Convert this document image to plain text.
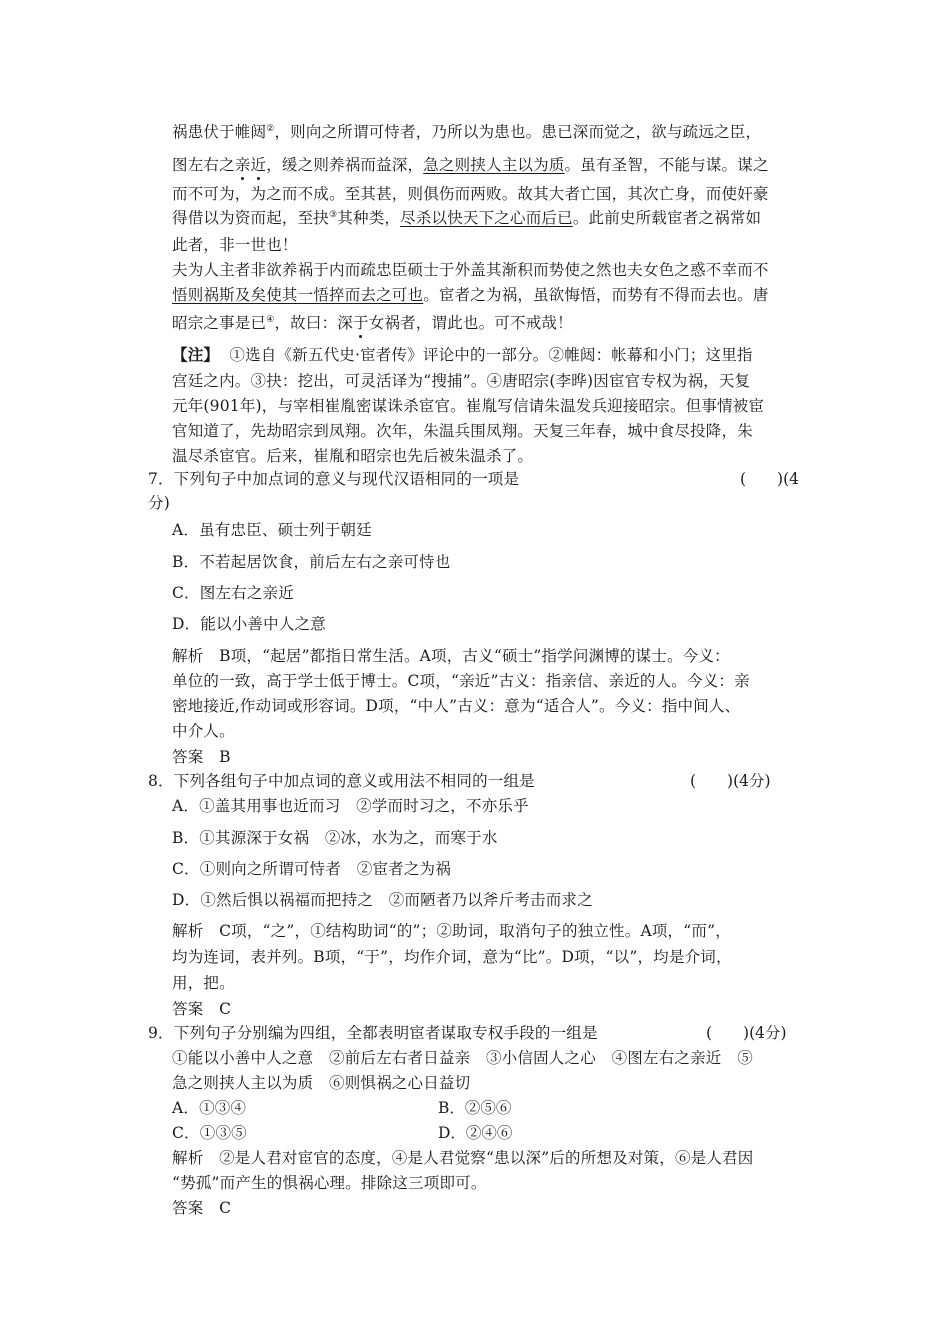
祸患伏于帷闼②，则向之所谓可恃者，乃所以为患也。患已深而觉之，欲与疏远之臣，
图左右之亲近，缓之则养祸而益深，急之则挟人主以为质。虽有圣智，不能与谋。谋之
而不可为，为之而不成。至其甚，则俱伤而两败。故其大者亡国，其次亡身，而使奸豪
得借以为资而起，至抉③其种类，尽杀以快天下之心而后已。此前史所载宦者之祸常如
此者，非一世也！
夫为人主者非欲养祸于内而疏忠臣硕士于外盖其渐积而势使之然也夫女色之惑不幸而不
悟则祸斯及矣使其一悟捽而去之可也。宦者之为祸，虽欲悔悟，而势有不得而去也。唐
昭宗之事是已④，故曰：深于女祸者，谓此也。可不戒哉！
【注】 ①选自《新五代史·宦者传》评论中的一部分。②帷闼：帐幕和小门；这里指
宫廷之内。③抉：挖出，可灵活译为“搜捕”。④唐昭宗(李晔)因宦官专权为祸，天复
元年(901年)，与宰相崔胤密谋诛杀宦官。崔胤写信请朱温发兵迎接昭宗。但事情被宦
官知道了，先劫昭宗到凤翔。次年，朱温兵围凤翔。天复三年春，城中食尽投降，朱
温尽杀宦官。后来，崔胤和昭宗也先后被朱温杀了。
7．下列句子中加点词的意义与现代汉语相同的一项是	(　　)(4
分)
A．虽有忠臣、硕士列于朝廷
B．不若起居饮食，前后左右之亲可恃也
C．图左右之亲近
D．能以小善中人之意
解析　B项，“起居”都指日常生活。A项，古义“硕士”指学问渊博的谋士。今义：
单位的一致，高于学士低于博士。C项，“亲近”古义：指亲信、亲近的人。今义：亲
密地接近,作动词或形容词。D项，“中人”古义：意为“适合人”。今义：指中间人、
中介人。
答案　B
8．下列各组句子中加点词的意义或用法不相同的一组是	(　　)(4分)
A．①盖其用事也近而习　②学而时习之，不亦乐乎
B．①其源深于女祸　②冰，水为之，而寒于水
C．①则向之所谓可恃者　②宦者之为祸
D．①然后惧以祸福而把持之　②而陋者乃以斧斤考击而求之
解析　C项，“之”，①结构助词“的”；②助词，取消句子的独立性。A项，“而”，
均为连词，表并列。B项，“于”，均作介词，意为“比”。D项，“以”，均是介词，
用，把。
答案　C
9．下列句子分别编为四组，全都表明宦者谋取专权手段的一组是	(　　)(4分)
①能以小善中人之意　②前后左右者日益亲　③小信固人之心　④图左右之亲近　⑤
急之则挟人主以为质　⑥则惧祸之心日益切
A．①③④	B．②⑤⑥
C．①③⑤	D．②④⑥
解析　②是人君对宦官的态度，④是人君觉察“患以深”后的所想及对策，⑥是人君因
“势孤”而产生的惧祸心理。排除这三项即可。
答案　C
